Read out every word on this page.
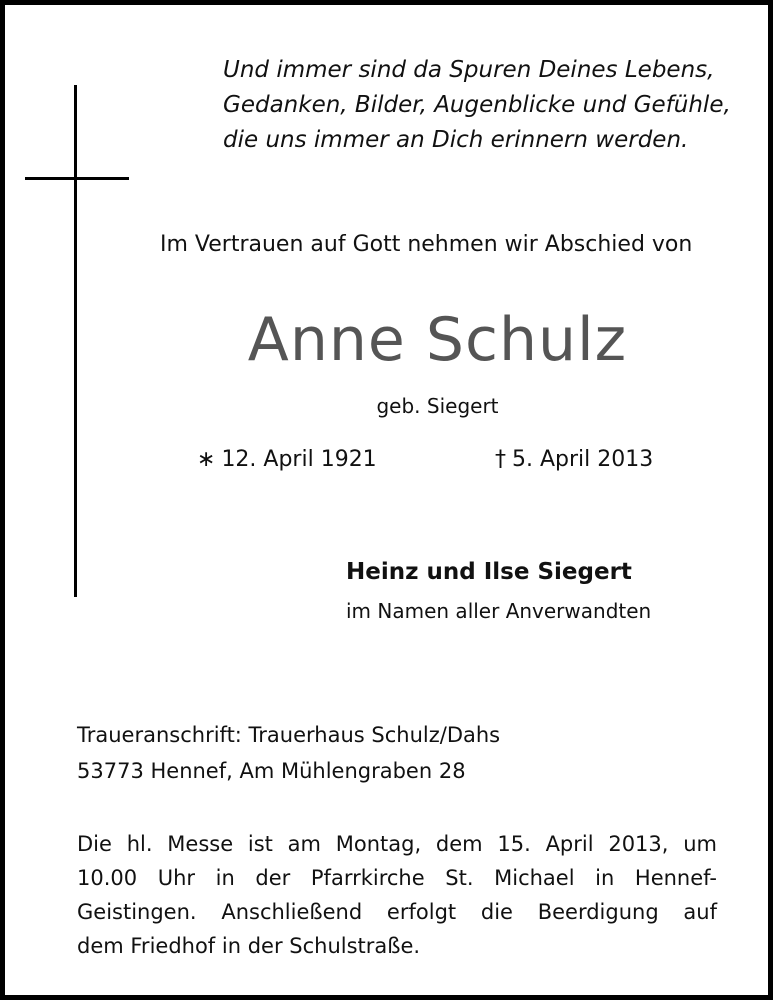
Und immer sind da Spuren Deines Lebens,
Gedanken, Bilder, Augenblicke und Gefühle,
die uns immer an Dich erinnern werden.
Im Vertrauen auf Gott nehmen wir Abschied von
Anne Schulz
geb. Siegert
∗ 12. April 1921	† 5. April 2013
Heinz und Ilse Siegert
im Namen aller Anverwandten
Traueranschrift: Trauerhaus Schulz/Dahs
53773 Hennef, Am Mühlengraben 28
Die hl. Messe ist am Montag, dem 15. April 2013, um
10.00 Uhr in der Pfarrkirche St. Michael in Hennef-
Geistingen. Anschließend erfolgt die Beerdigung auf
dem Friedhof in der Schulstraße.
